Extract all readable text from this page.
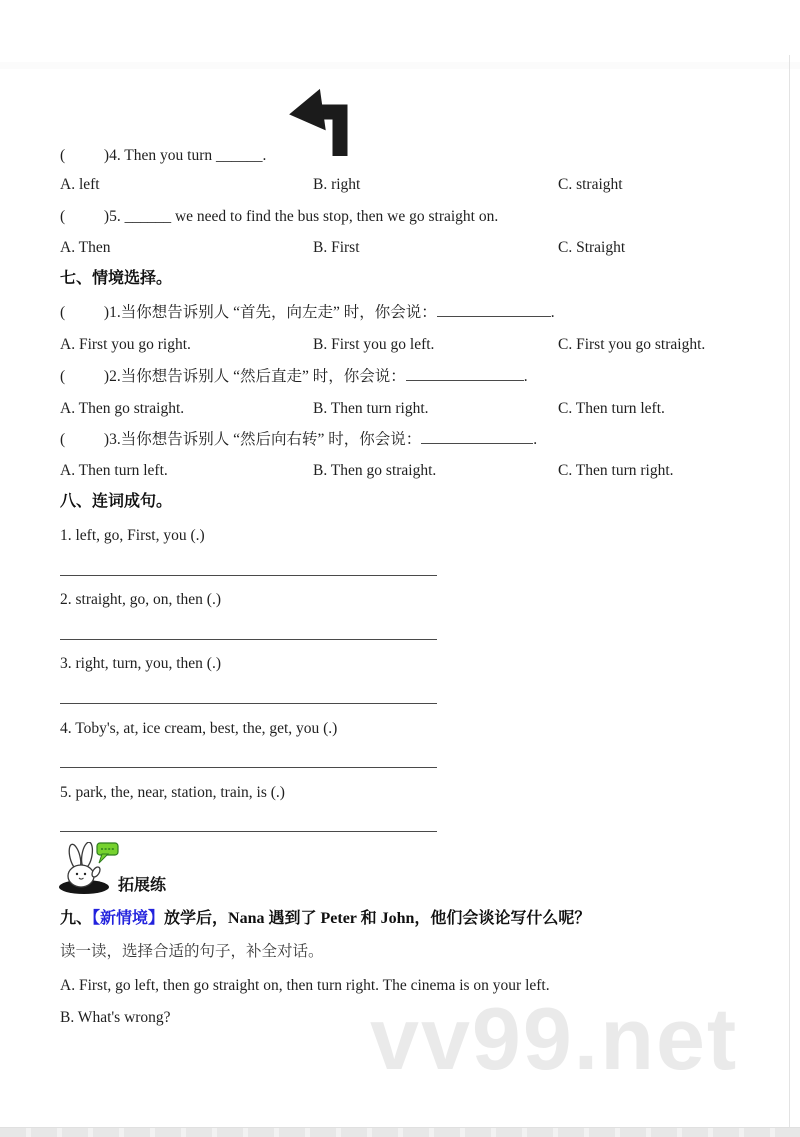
vv99.net
(          )4. Then you turn ______.
A. left	B. right	C. straight
(          )5. ______ we need to find the bus stop, then we go straight on.
A. Then	B. First	C. Straight
七、情境选择。
(          )1.当你想告诉别人 “首先，向左走” 时，你会说：	.
A. First you go right.	B. First you go left.	C. First you go straight.
(          )2.当你想告诉别人 “然后直走” 时，你会说：	.
A. Then go straight.	B. Then turn right.	C. Then turn left.
(          )3.当你想告诉别人 “然后向右转” 时，你会说：	.
A. Then turn left.	B. Then go straight.	C. Then turn right.
八、连词成句。
1. left, go, First, you (.)
2. straight, go, on, then (.)
3. right, turn, you, then (.)
4. Toby's, at, ice cream, best, the, get, you (.)
5. park, the, near, station, train, is (.)
拓展练
九、【新情境】放学后，Nana 遇到了 Peter 和 John，他们会谈论写什么呢？
读一读，选择合适的句子，补全对话。
A. First, go left, then go straight on, then turn right. The cinema is on your left.
B. What's wrong?
